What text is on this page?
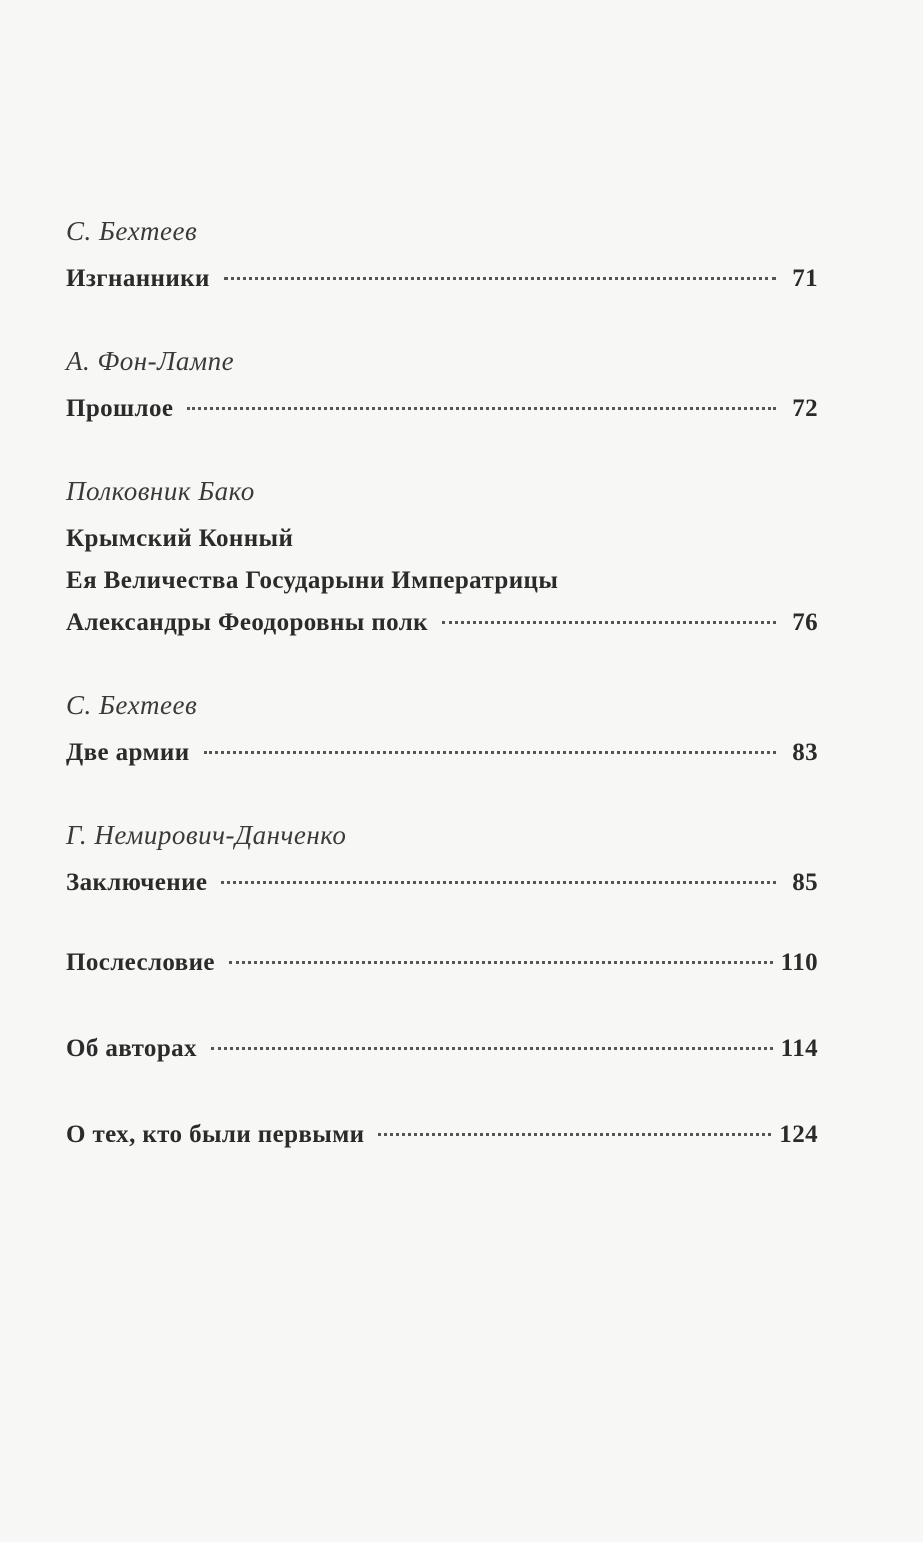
С. Бехтеев
Изгнанники	71
А. Фон-Лампе
Прошлое	72
Полковник Бако
Крымский Конный
Ея Величества Государыни Императрицы
Александры Феодоровны полк	76
С. Бехтеев
Две армии	83
Г. Немирович-Данченко
Заключение	85
Послесловие	110
Об авторах	114
О тех, кто были первыми	124
